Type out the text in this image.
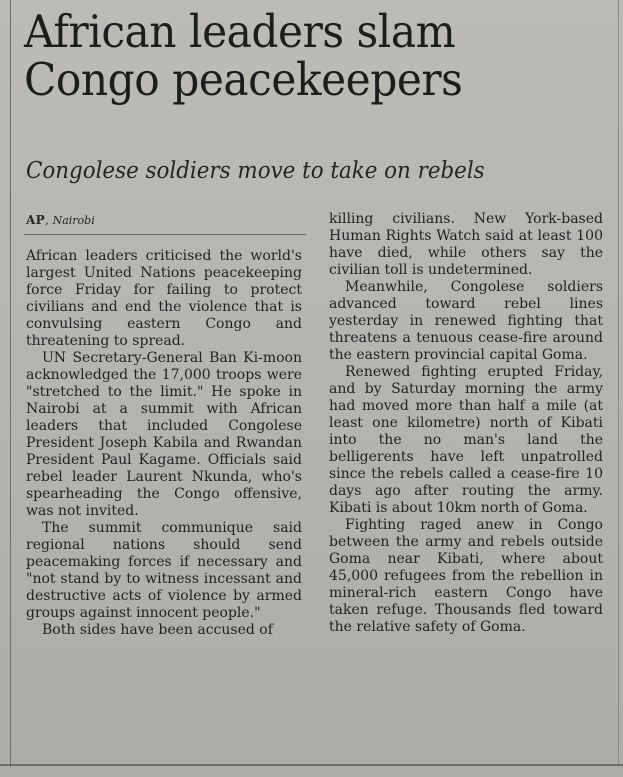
African leaders slam Congo peacekeepers
Congolese soldiers move to take on rebels
AP, Nairobi

African leaders criticised the world's largest United Nations peacekeeping force Friday for failing to protect civilians and end the violence that is convulsing eastern Congo and threatening to spread.

UN Secretary-General Ban Ki-moon acknowledged the 17,000 troops were "stretched to the limit." He spoke in Nairobi at a summit with African leaders that included Congolese President Joseph Kabila and Rwandan President Paul Kagame. Officials said rebel leader Laurent Nkunda, who's spearheading the Congo offensive, was not invited.

The summit communique said regional nations should send peacemaking forces if necessary and "not stand by to witness incessant and destructive acts of violence by armed groups against innocent people."

Both sides have been accused of

killing civilians. New York-based Human Rights Watch said at least 100 have died, while others say the civilian toll is undetermined.

Meanwhile, Congolese soldiers advanced toward rebel lines yesterday in renewed fighting that threatens a tenuous cease-fire around the eastern provincial capital Goma.

Renewed fighting erupted Friday, and by Saturday morning the army had moved more than half a mile (at least one kilometre) north of Kibati into the no man's land the belligerents have left unpatrolled since the rebels called a cease-fire 10 days ago after routing the army. Kibati is about 10km north of Goma.

Fighting raged anew in Congo between the army and rebels outside Goma near Kibati, where about 45,000 refugees from the rebellion in mineral-rich eastern Congo have taken refuge. Thousands fled toward the relative safety of Goma.
